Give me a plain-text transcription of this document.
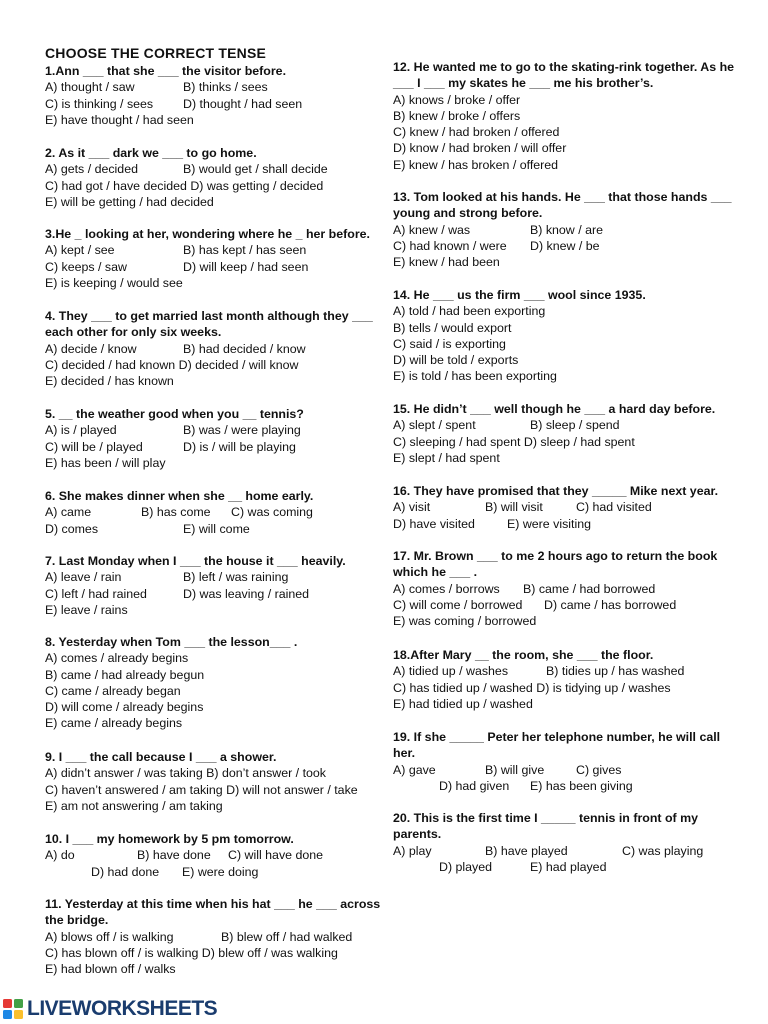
CHOOSE THE CORRECT TENSE
1.Ann ___ that she ___ the visitor before.
A) thought / saw	B) thinks / sees
C) is thinking / sees D) thought / had seen
E) have thought / had seen
2. As it ___ dark we ___ to go home.
A) gets / decided	B) would get / shall decide
C) had got / have decided D) was getting / decided
E) will be getting / had decided
3.He _ looking at her, wondering where he _ her before.
A) kept / see	B) has kept / has seen
C) keeps / saw	D) will keep / had seen
E) is keeping / would see
4. They ___ to get married last month although they ___ each other for only six weeks.
A) decide / know	B) had decided / know
C) decided / had known D) decided / will know
E) decided / has known
5. __ the weather good when you __ tennis?
A) is / played	B) was / were playing
C) will be / played	D) is / will be playing
E) has been / will play
6. She makes dinner when she __ home early.
A) came	B) has come C) was coming
D) comes	E) will come
7. Last Monday when I ___ the house it ___ heavily.
A) leave / rain	B) left / was raining
C) left / had rained	D) was leaving / rained
E) leave / rains
8. Yesterday when Tom ___ the lesson___ .
A) comes / already begins
B) came / had already begun
C) came / already began
D) will come / already begins
E) came / already begins
9. I ___ the call because I ___ a shower.
A) didn’t answer / was taking B) don’t answer / took
C) haven’t answered / am taking D) will not answer / take
E) am not answering / am taking
10. I ___ my homework by 5 pm tomorrow.
A) do	B) have done C) will have done
D) had done E) were doing
11. Yesterday at this time when his hat ___ he ___ across the bridge.
A) blows off / is walking	B) blew off / had walked
C) has blown off / is walking D) blew off / was walking
E) had blown off / walks
12. He wanted me to go to the skating-rink together. As he ___ I ___ my skates he ___ me his brother’s.
A) knows / broke / offer
B) knew / broke / offers
C) knew / had broken / offered
D) know / had broken / will offer
E) knew / has broken / offered
13. Tom looked at his hands. He ___ that those hands ___ young and strong before.
A) knew / was	B) know / are
C) had known / were D) knew / be
E) knew / had been
14. He ___ us the firm ___ wool since 1935.
A) told / had been exporting
B) tells / would export
C) said / is exporting
D) will be told / exports
E) is told / has been exporting
15. He didn’t ___ well though he ___ a hard day before.
A) slept / spent	B) sleep / spend
C) sleeping / had spent D) sleep / had spent
E) slept / had spent
16. They have promised that they _____ Mike next year.
A) visit	B) will visit	C) had visited
D) have visited	E) were visiting
17. Mr. Brown ___ to me 2 hours ago to return the book which he ___ .
A) comes / borrows B) came / had borrowed
C) will come / borrowed D) came / has borrowed
E) was coming / borrowed
18.After Mary __ the room, she ___ the floor.
A) tidied up / washes	B) tidies up / has washed
C) has tidied up / washed D) is tidying up / washes
E) had tidied up / washed
19. If she _____ Peter her telephone number, he will call her.
A) gave	B) will give	C) gives
D) had given E) has been giving
20. This is the first time I _____ tennis in front of my parents.
A) play	B) have played	C) was playing
D) played	E) had played
LIVEWORKSHEETS
